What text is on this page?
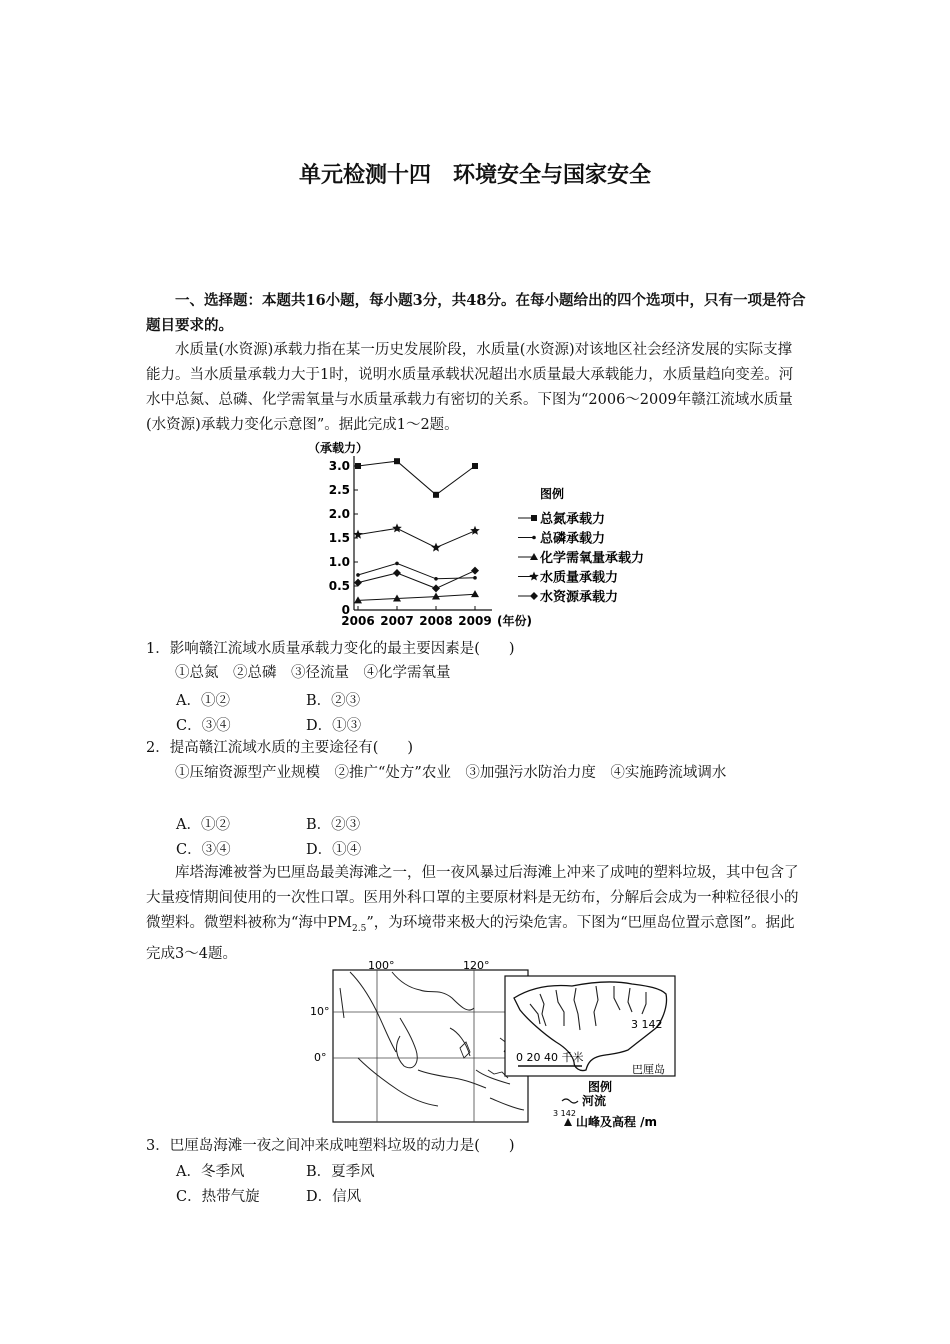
单元检测十四　环境安全与国家安全
一、选择题：本题共16小题，每小题3分，共48分。在每小题给出的四个选项中，只有一项是符合题目要求的。
水质量(水资源)承载力指在某一历史发展阶段，水质量(水资源)对该地区社会经济发展的实际支撑能力。当水质量承载力大于1时，说明水质量承载状况超出水质量最大承载能力，水质量趋向变差。河水中总氮、总磷、化学需氧量与水质量承载力有密切的关系。下图为“2006～2009年赣江流域水质量(水资源)承载力变化示意图”。据此完成1～2题。
（承载力）
0
0.5
1.0
1.5
2.0
2.5
3.0
2006 2007 2008 2009 (年份)
图例
总氮承载力
总磷承载力
化学需氧量承载力
水质量承载力
水资源承载力
1．影响赣江流域水质量承载力变化的最主要因素是(　　)
①总氮　②总磷　③径流量　④化学需氧量
A．①②	B．②③
C．③④	D．①③
2．提高赣江流域水质的主要途径有(　　)
①压缩资源型产业规模　②推广“处方”农业　③加强污水防治力度　④实施跨流域调水
A．①②	B．②③
C．③④	D．①④
库塔海滩被誉为巴厘岛最美海滩之一，但一夜风暴过后海滩上冲来了成吨的塑料垃圾，其中包含了大量疫情期间使用的一次性口罩。医用外科口罩的主要原材料是无纺布，分解后会成为一种粒径很小的微塑料。微塑料被称为“海中$PM_{2.5}$”，为环境带来极大的污染危害。下图为“巴厘岛位置示意图”。据此完成3～4题。
100°	120°
10°
0°
3 142
0 20 40 千米
巴厘岛
图例
河流
3 142
山峰及高程 /m
3．巴厘岛海滩一夜之间冲来成吨塑料垃圾的动力是(　　)
A．冬季风	B．夏季风
C．热带气旋	D．信风
